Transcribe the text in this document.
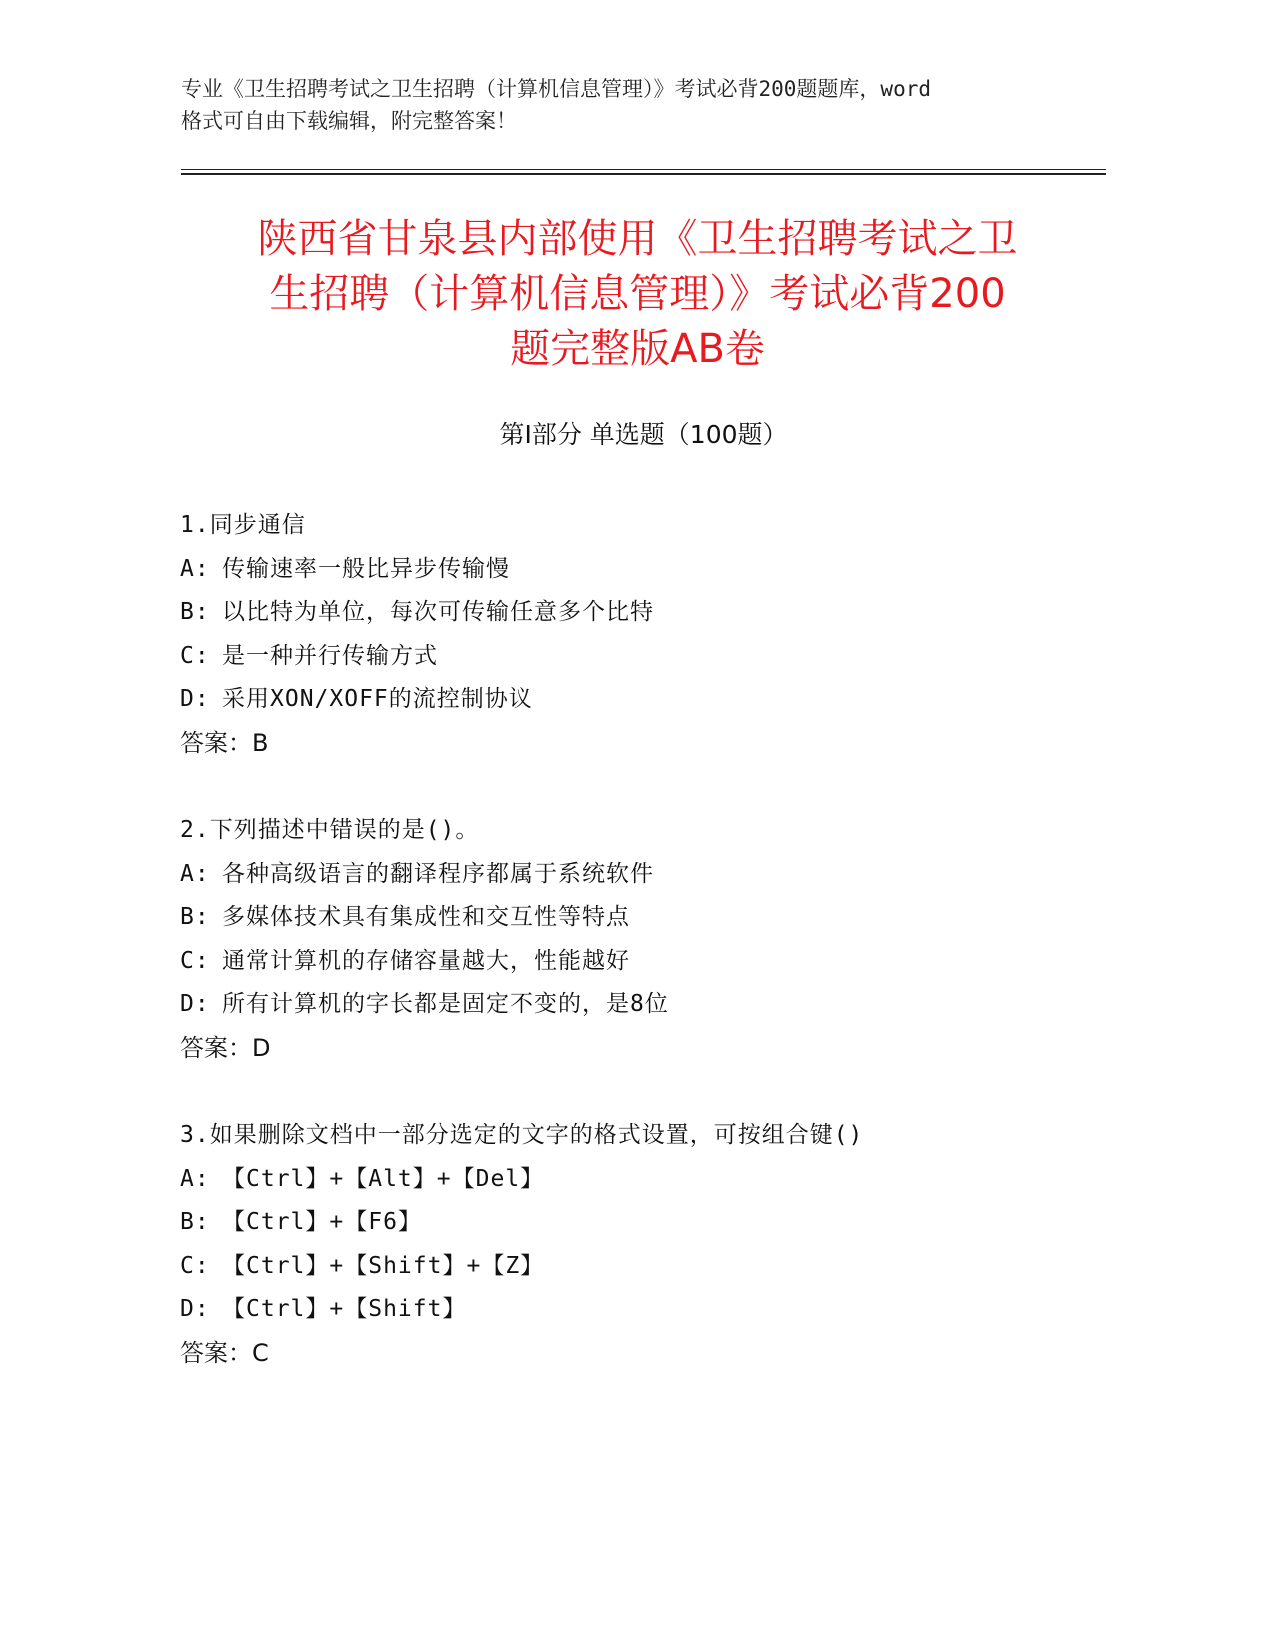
专业《卫生招聘考试之卫生招聘（计算机信息管理）》考试必背200题题库，word
格式可自由下载编辑，附完整答案！
陕西省甘泉县内部使用《卫生招聘考试之卫
生招聘（计算机信息管理）》考试必背200
题完整版AB卷
第Ⅰ部分 单选题（100题）
1.同步通信
A: 传输速率一般比异步传输慢
B: 以比特为单位，每次可传输任意多个比特
C: 是一种并行传输方式
D: 采用XON/XOFF的流控制协议
答案：B
2.下列描述中错误的是()。
A: 各种高级语言的翻译程序都属于系统软件
B: 多媒体技术具有集成性和交互性等特点
C: 通常计算机的存储容量越大，性能越好
D: 所有计算机的字长都是固定不变的，是8位
答案：D
3.如果删除文档中一部分选定的文字的格式设置，可按组合键()
A: 【Ctrl】+【Alt】+【Del】
B: 【Ctrl】+【F6】
C: 【Ctrl】+【Shift】+【Z】
D: 【Ctrl】+【Shift】
答案：C
